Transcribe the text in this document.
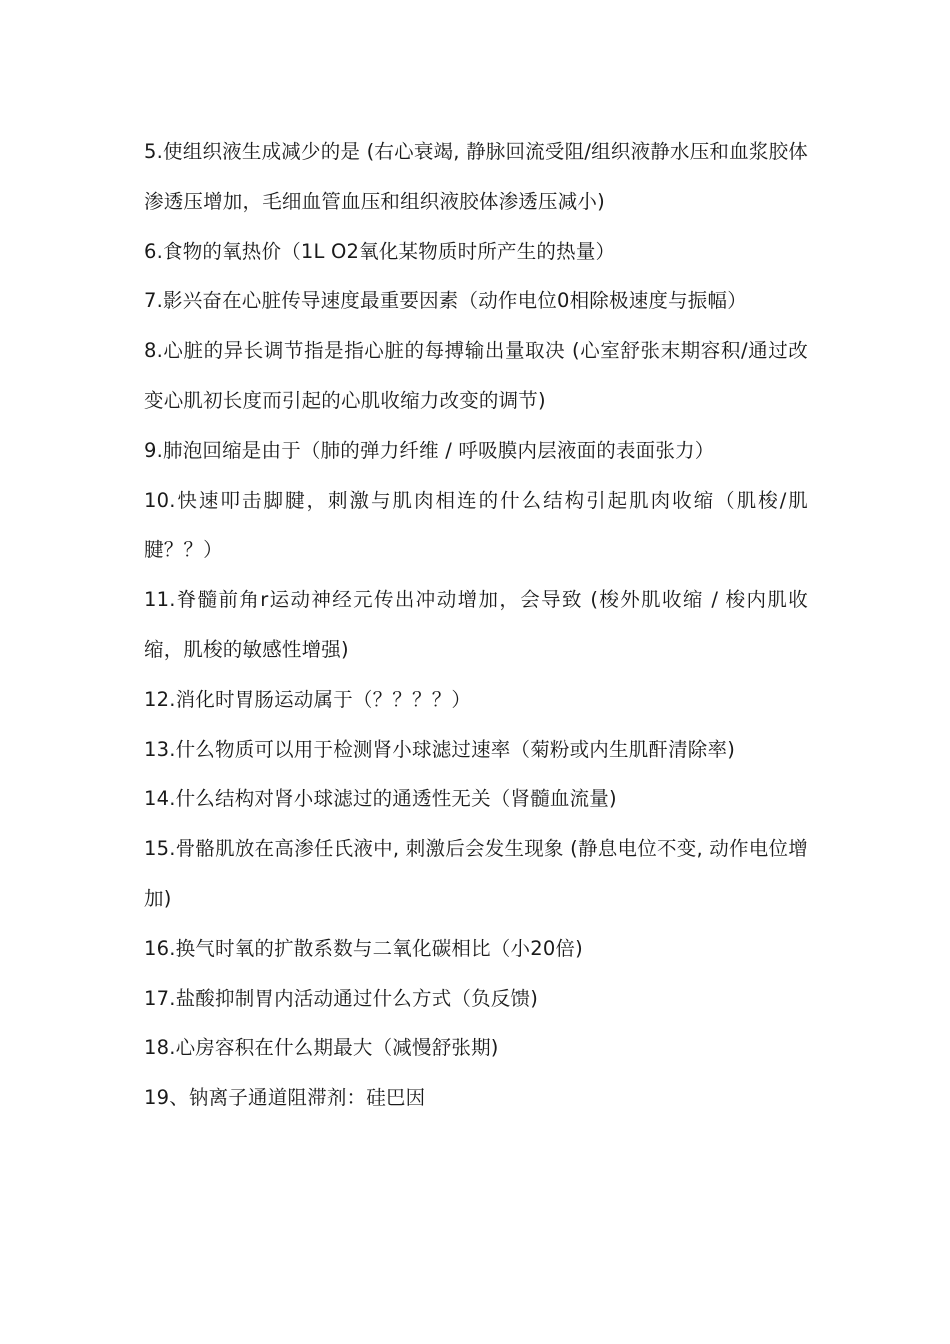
5.使组织液生成减少的是 (右心衰竭, 静脉回流受阻/组织液静水压和血浆胶体渗透压增加，毛细血管血压和组织液胶体渗透压减小)

6.食物的氧热价（1L O2氧化某物质时所产生的热量）

7.影兴奋在心脏传导速度最重要因素（动作电位0相除极速度与振幅）

8.心脏的异长调节指是指心脏的每搏输出量取决 (心室舒张末期容积/通过改变心肌初长度而引起的心肌收缩力改变的调节)

9.肺泡回缩是由于（肺的弹力纤维 / 呼吸膜内层液面的表面张力）

10.快速叩击脚腱，刺激与肌肉相连的什么结构引起肌肉收缩（肌梭/肌腱？？）

11.脊髓前角r运动神经元传出冲动增加，会导致 (梭外肌收缩 / 梭内肌收缩，肌梭的敏感性增强)

12.消化时胃肠运动属于（？？？？）

13.什么物质可以用于检测肾小球滤过速率（菊粉或内生肌酐清除率)

14.什么结构对肾小球滤过的通透性无关（肾髓血流量)

15.骨骼肌放在高渗任氏液中, 刺激后会发生现象 (静息电位不变, 动作电位增加)

16.换气时氧的扩散系数与二氧化碳相比（小20倍)

17.盐酸抑制胃内活动通过什么方式（负反馈)

18.心房容积在什么期最大（减慢舒张期)

19、钠离子通道阻滞剂：硅巴因
